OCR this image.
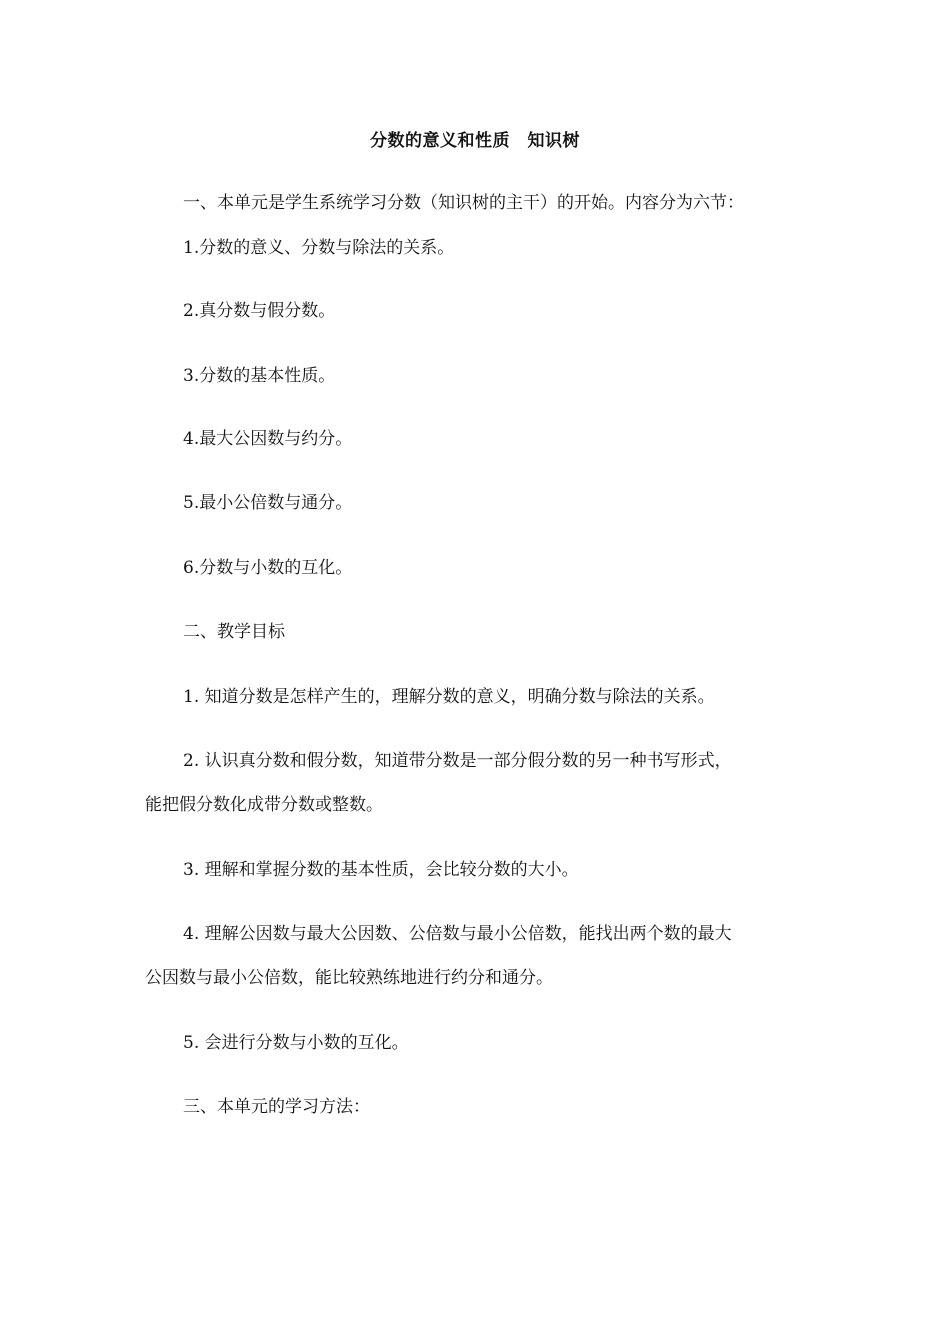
分数的意义和性质　知识树
一、本单元是学生系统学习分数（知识树的主干）的开始。内容分为六节：
1.分数的意义、分数与除法的关系。
2.真分数与假分数。
3.分数的基本性质。
4.最大公因数与约分。
5.最小公倍数与通分。
6.分数与小数的互化。
二、教学目标
1. 知道分数是怎样产生的，理解分数的意义，明确分数与除法的关系。
2. 认识真分数和假分数，知道带分数是一部分假分数的另一种书写形式，
能把假分数化成带分数或整数。
3. 理解和掌握分数的基本性质，会比较分数的大小。
4. 理解公因数与最大公因数、公倍数与最小公倍数，能找出两个数的最大
公因数与最小公倍数，能比较熟练地进行约分和通分。
5. 会进行分数与小数的互化。
三、本单元的学习方法：
